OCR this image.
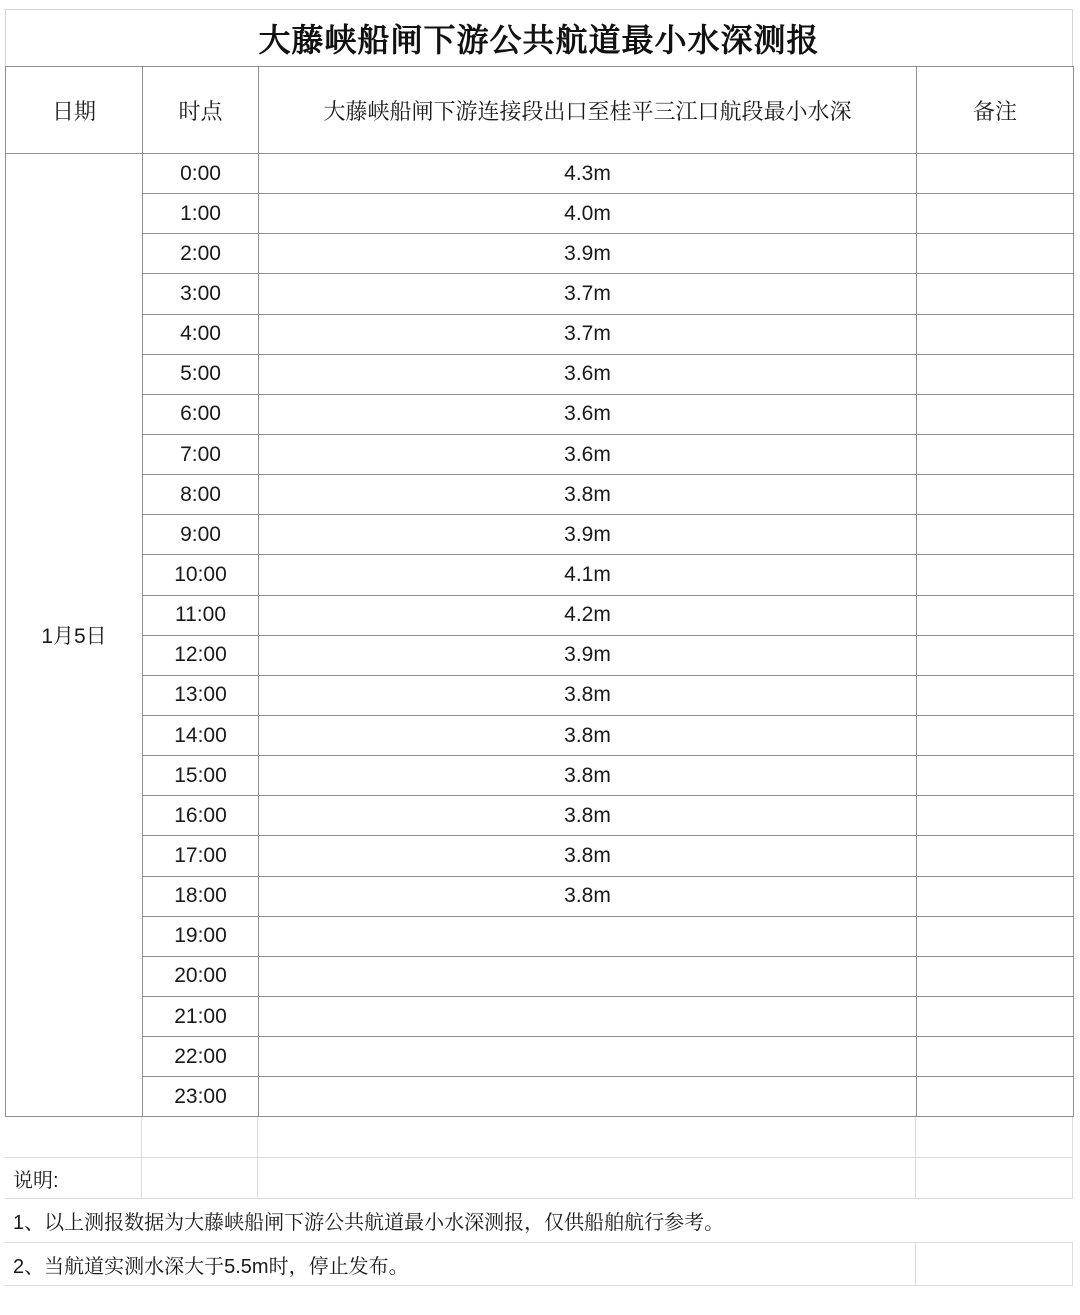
大藤峡船闸下游公共航道最小水深测报
日期	时点	大藤峡船闸下游连接段出口至桂平三江口航段最小水深	备注
1月5日	0:00	4.3m	
	1:00	4.0m	
	2:00	3.9m	
	3:00	3.7m	
	4:00	3.7m	
	5:00	3.6m	
	6:00	3.6m	
	7:00	3.6m	
	8:00	3.8m	
	9:00	3.9m	
	10:00	4.1m	
	11:00	4.2m	
	12:00	3.9m	
	13:00	3.8m	
	14:00	3.8m	
	15:00	3.8m	
	16:00	3.8m	
	17:00	3.8m	
	18:00	3.8m	
	19:00		
	20:00		
	21:00		
	22:00		
	23:00		
说明:
1、以上测报数据为大藤峡船闸下游公共航道最小水深测报，仅供船舶航行参考。
2、当航道实测水深大于5.5m时，停止发布。
